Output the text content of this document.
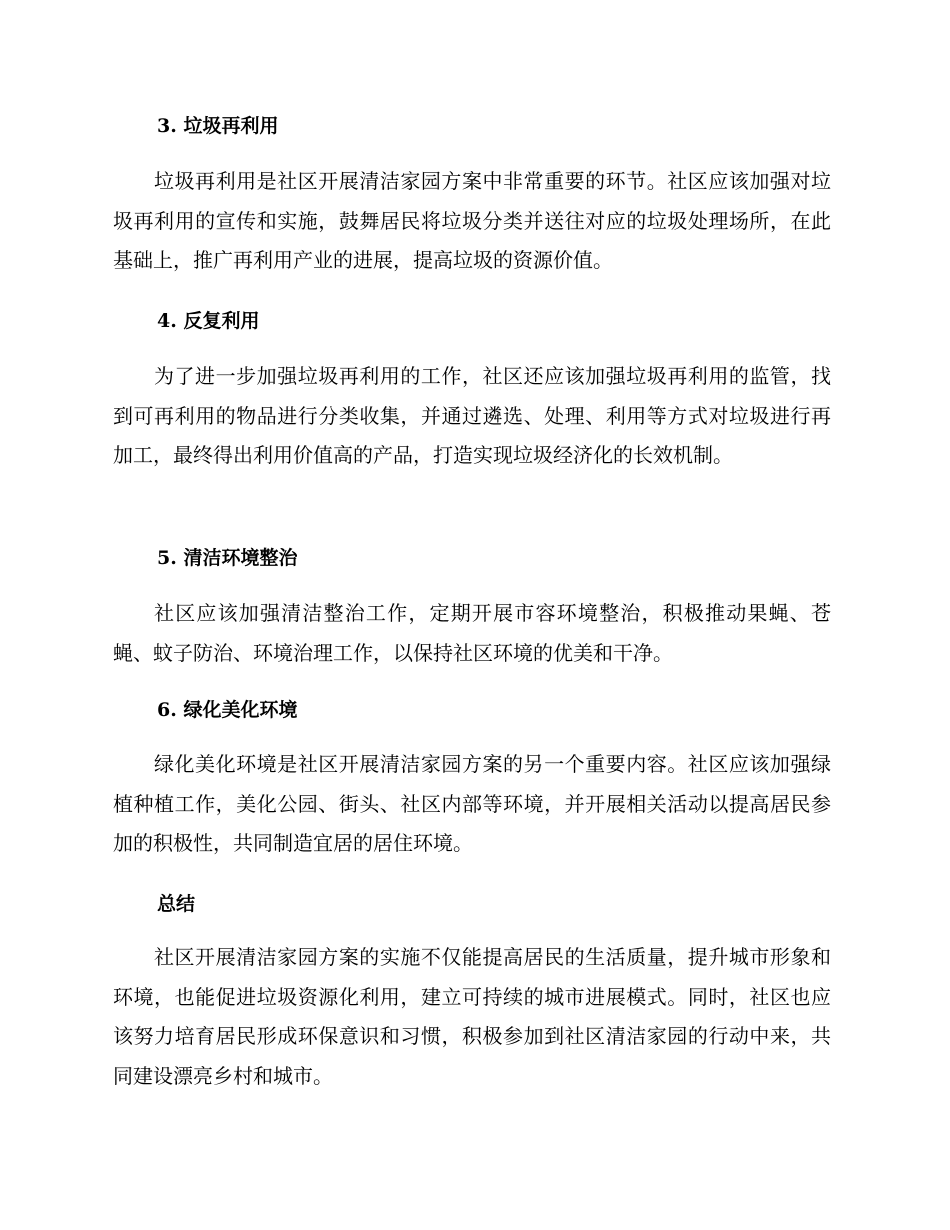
3. 垃圾再利用
垃圾再利用是社区开展清洁家园方案中非常重要的环节。社区应该加强对垃圾再利用的宣传和实施，鼓舞居民将垃圾分类并送往对应的垃圾处理场所，在此基础上，推广再利用产业的进展，提高垃圾的资源价值。
4. 反复利用
为了进一步加强垃圾再利用的工作，社区还应该加强垃圾再利用的监管，找到可再利用的物品进行分类收集，并通过遴选、处理、利用等方式对垃圾进行再加工，最终得出利用价值高的产品，打造实现垃圾经济化的长效机制。
5. 清洁环境整治
社区应该加强清洁整治工作，定期开展市容环境整治，积极推动果蝇、苍蝇、蚊子防治、环境治理工作，以保持社区环境的优美和干净。
6. 绿化美化环境
绿化美化环境是社区开展清洁家园方案的另一个重要内容。社区应该加强绿植种植工作，美化公园、街头、社区内部等环境，并开展相关活动以提高居民参加的积极性，共同制造宜居的居住环境。
总结
社区开展清洁家园方案的实施不仅能提高居民的生活质量，提升城市形象和环境，也能促进垃圾资源化利用，建立可持续的城市进展模式。同时，社区也应该努力培育居民形成环保意识和习惯，积极参加到社区清洁家园的行动中来，共同建设漂亮乡村和城市。
